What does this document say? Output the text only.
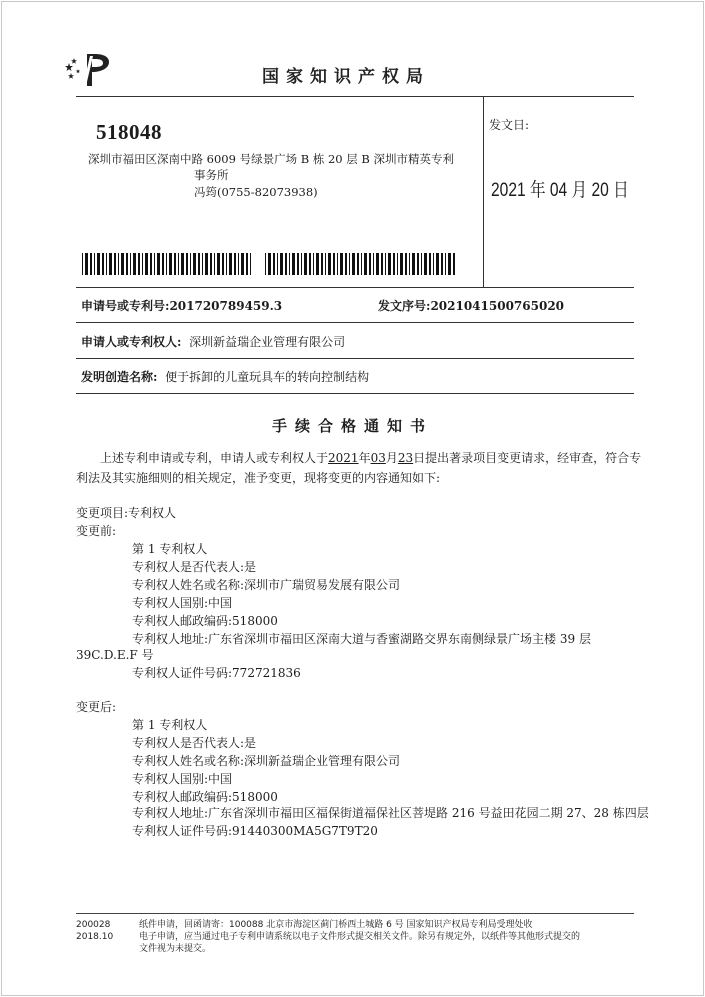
国家知识产权局
518048
深圳市福田区深南中路 6009 号绿景广场 B 栋 20 层 B 深圳市精英专利
事务所
冯筠(0755-82073938)
发文日:
2021 年 04 月 20 日
申请号或专利号:201720789459.3	发文序号:2021041500765020
申请人或专利权人: 深圳新益瑞企业管理有限公司
发明创造名称: 便于拆卸的儿童玩具车的转向控制结构
手续合格通知书
上述专利申请或专利，申请人或专利权人于2021年03月23日提出著录项目变更请求，经审查，符合专
利法及其实施细则的相关规定，准予变更，现将变更的内容通知如下:
变更项目:专利权人
变更前:
第 1 专利权人
专利权人是否代表人:是
专利权人姓名或名称:深圳市广瑞贸易发展有限公司
专利权人国别:中国
专利权人邮政编码:518000
专利权人地址:广东省深圳市福田区深南大道与香蜜湖路交界东南侧绿景广场主楼 39 层
39C.D.E.F 号
专利权人证件号码:772721836
变更后:
第 1 专利权人
专利权人是否代表人:是
专利权人姓名或名称:深圳新益瑞企业管理有限公司
专利权人国别:中国
专利权人邮政编码:518000
专利权人地址:广东省深圳市福田区福保街道福保社区菩堤路 216 号益田花园二期 27、28 栋四层
专利权人证件号码:91440300MA5G7T9T20
200028
2018.10
纸件申请，回函请寄：100088 北京市海淀区蓟门桥西土城路 6 号 国家知识产权局专利局受理处收
电子申请，应当通过电子专利申请系统以电子文件形式提交相关文件。除另有规定外，以纸件等其他形式提交的
文件视为未提交。
